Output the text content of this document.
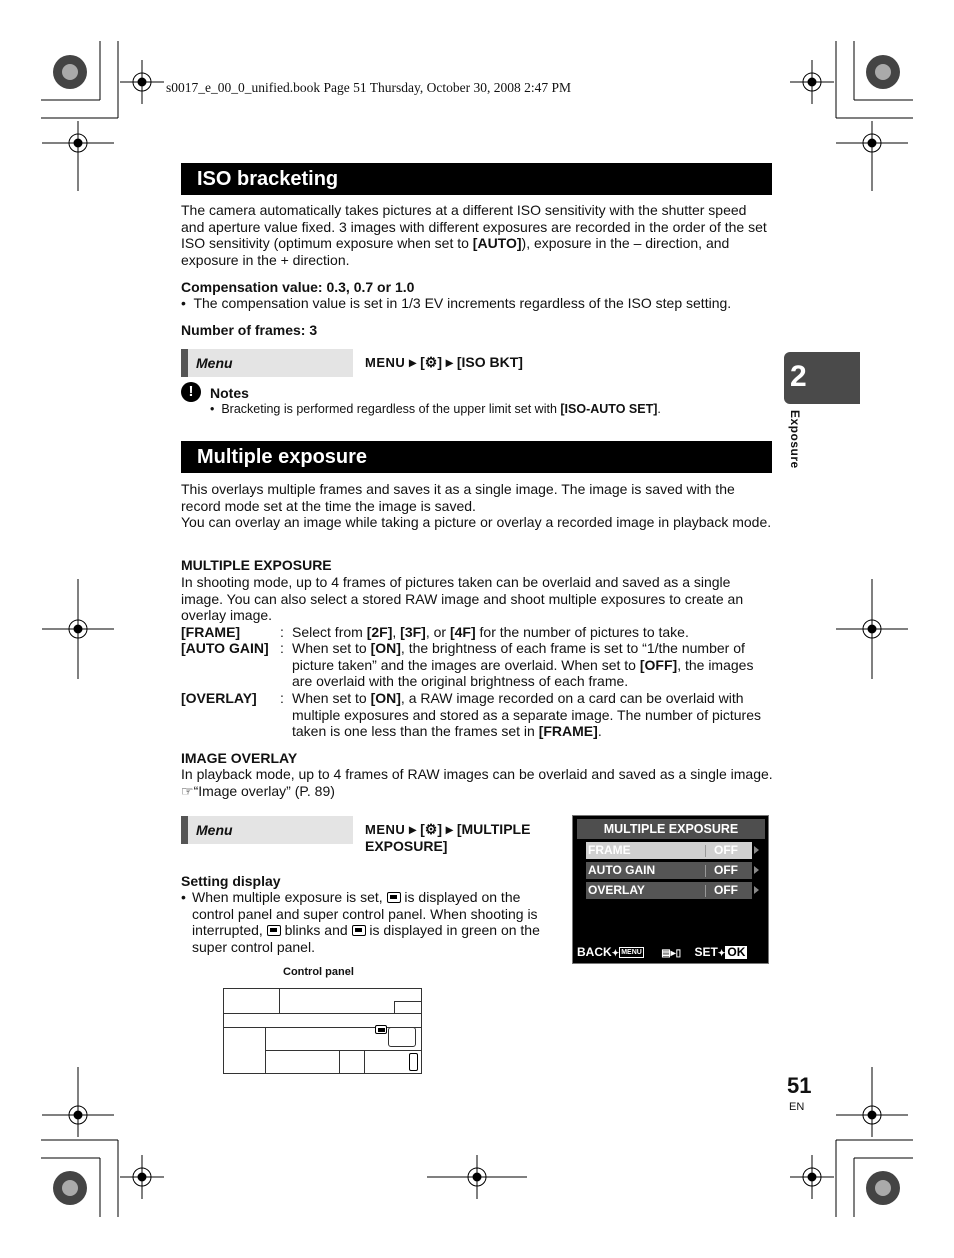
s0017_e_00_0_unified.book Page 51 Thursday, October 30, 2008 2:47 PM
2
Exposure
ISO bracketing

The camera automatically takes pictures at a different ISO sensitivity with the shutter speed and aperture value fixed. 3 images with different exposures are recorded in the order of the set ISO sensitivity (optimum exposure when set to [AUTO]), exposure in the – direction, and exposure in the + direction.

Compensation value: 0.3, 0.7 or 1.0
•  The compensation value is set in 1/3 EV increments regardless of the ISO step setting.
Number of frames: 3
Menu	MENU ▸ [⚙] ▸ [ISO BKT]
!	Notes
•  Bracketing is performed regardless of the upper limit set with [ISO-AUTO SET].
Multiple exposure

This overlays multiple frames and saves it as a single image. The image is saved with the record mode set at the time the image is saved.

You can overlay an image while taking a picture or overlay a recorded image in playback mode.

MULTIPLE EXPOSURE

In shooting mode, up to 4 frames of pictures taken can be overlaid and saved as a single image. You can also select a stored RAW image and shoot multiple exposures to create an overlay image.

[FRAME]	: Select from [2F], [3F], or [4F] for the number of pictures to take.
[AUTO GAIN] : When set to [ON], the brightness of each frame is set to “1/the number of picture taken” and the images are overlaid. When set to [OFF], the images are overlaid with the original brightness of each frame.
[OVERLAY] : When set to [ON], a RAW image recorded on a card can be overlaid with multiple exposures and stored as a separate image. The number of pictures taken is one less than the frames set in [FRAME].
IMAGE OVERLAY

In playback mode, up to 4 frames of RAW images can be overlaid and saved as a single image. ☞“Image overlay” (P. 89)

Menu	MENU ▸ [⚙] ▸ [MULTIPLE
EXPOSURE]
Setting display
• When multiple exposure is set,  is displayed on the control panel and super control panel. When shooting is interrupted,  blinks and  is displayed in green on the super control panel.
MULTIPLE EXPOSURE
FRAME	OFF
AUTO GAIN	OFF
OVERLAY	OFF
BACK✦ MENU ▤▸▯ SET✦ OK
Control panel
51
EN
